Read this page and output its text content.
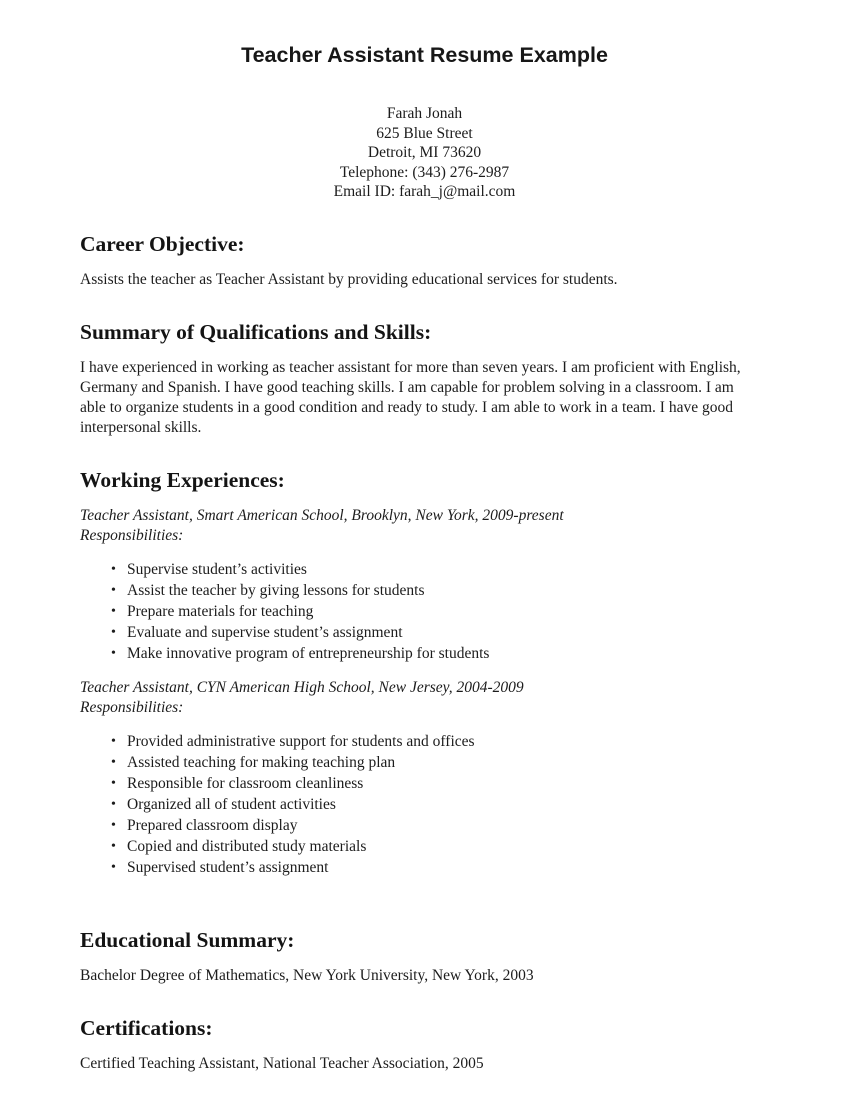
Teacher Assistant Resume Example
Farah Jonah
625 Blue Street
Detroit, MI 73620
Telephone: (343) 276-2987
Email ID: farah_j@mail.com
Career Objective:

Assists the teacher as Teacher Assistant by providing educational services for students.

Summary of Qualifications and Skills:

I have experienced in working as teacher assistant for more than seven years. I am proficient with English, Germany and Spanish. I have good teaching skills. I am capable for problem solving in a classroom. I am able to organize students in a good condition and ready to study. I am able to work in a team. I have good interpersonal skills.

Working Experiences:

Teacher Assistant, Smart American School, Brooklyn, New York, 2009-present

Responsibilities:

• Supervise student’s activities
• Assist the teacher by giving lessons for students
• Prepare materials for teaching
• Evaluate and supervise student’s assignment
• Make innovative program of entrepreneurship for students

Teacher Assistant, CYN American High School, New Jersey, 2004-2009

Responsibilities:

• Provided administrative support for students and offices
• Assisted teaching for making teaching plan
• Responsible for classroom cleanliness
• Organized all of student activities
• Prepared classroom display
• Copied and distributed study materials
• Supervised student’s assignment
Educational Summary:

Bachelor Degree of Mathematics, New York University, New York, 2003

Certifications:

Certified Teaching Assistant, National Teacher Association, 2005
